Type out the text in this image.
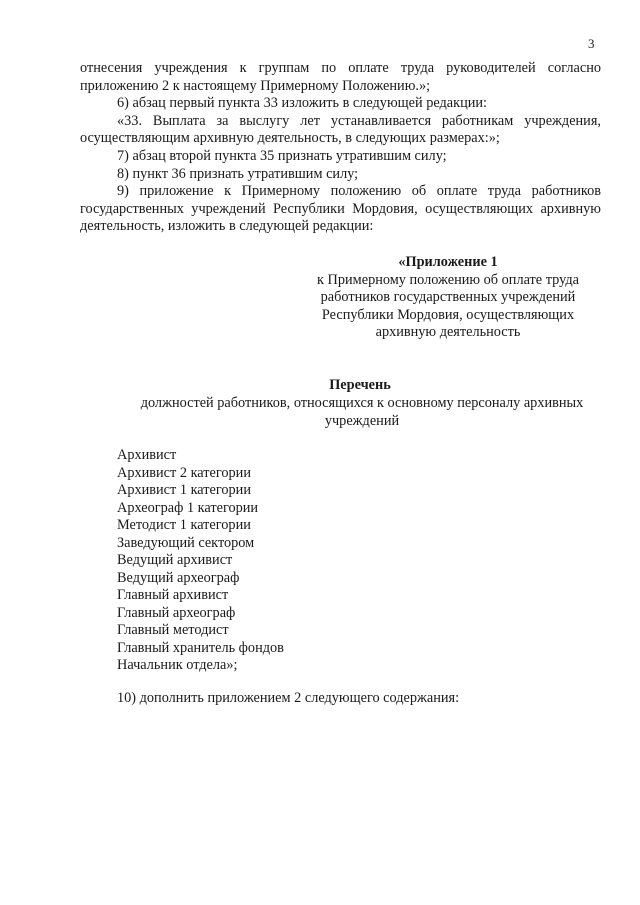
3

отнесения учреждения к группам по оплате труда руководителей согласно приложению 2 к настоящему Примерному Положению.»;

6) абзац первый пункта 33 изложить в следующей редакции:

«33. Выплата за выслугу лет устанавливается работникам учреждения, осуществляющим архивную деятельность, в следующих размерах:»;

7) абзац второй пункта 35 признать утратившим силу;

8) пункт 36 признать утратившим силу;

9) приложение к Примерному положению об оплате труда работников государственных учреждений Республики Мордовия, осуществляющих архивную деятельность, изложить в следующей редакции:

«Приложение 1
к Примерному положению об оплате труда
работников государственных учреждений
Республики Мордовия, осуществляющих
архивную деятельность
Перечень
должностей работников, относящихся к основному персоналу архивных учреждений
Архивист
Архивист 2 категории
Архивист 1 категории
Археограф 1 категории
Методист 1 категории
Заведующий сектором
Ведущий архивист
Ведущий археограф
Главный архивист
Главный археограф
Главный методист
Главный хранитель фондов
Начальник отдела»;
10) дополнить приложением 2 следующего содержания:
